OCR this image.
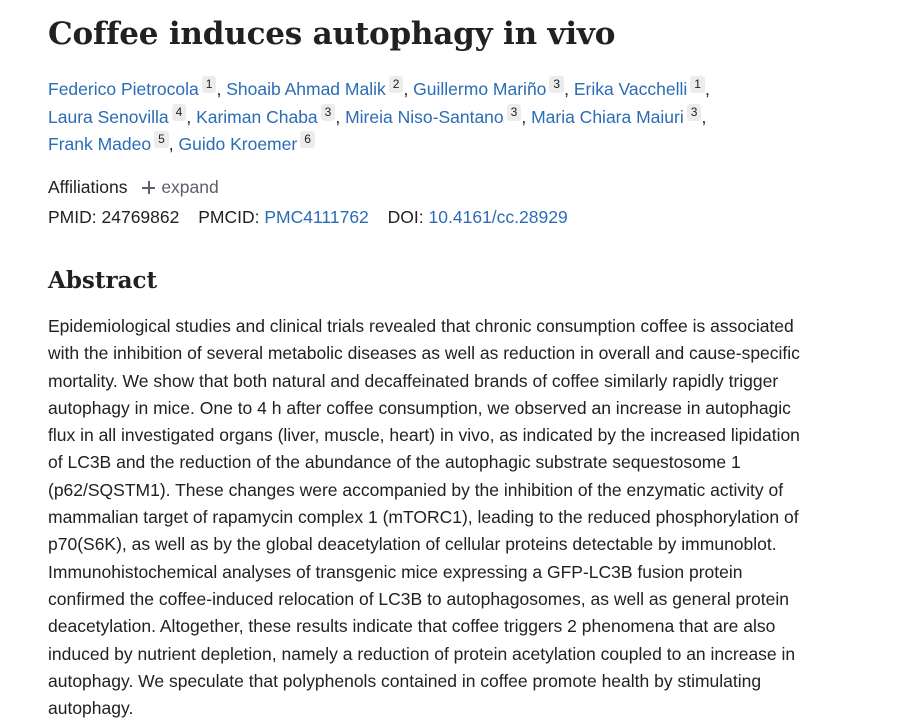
Coffee induces autophagy in vivo
Federico Pietrocola 1 , Shoaib Ahmad Malik 2 , Guillermo Mariño 3 , Erika Vacchelli 1 ,
Laura Senovilla 4 , Kariman Chaba 3 , Mireia Niso-Santano 3 , Maria Chiara Maiuri 3 ,
Frank Madeo 5 , Guido Kroemer 6
Affiliations expand
PMID: 24769862 PMCID: PMC4111762 DOI: 10.4161/cc.28929
Abstract
Epidemiological studies and clinical trials revealed that chronic consumption coffee is associated
with the inhibition of several metabolic diseases as well as reduction in overall and cause-specific
mortality. We show that both natural and decaffeinated brands of coffee similarly rapidly trigger
autophagy in mice. One to 4 h after coffee consumption, we observed an increase in autophagic
flux in all investigated organs (liver, muscle, heart) in vivo, as indicated by the increased lipidation
of LC3B and the reduction of the abundance of the autophagic substrate sequestosome 1
(p62/SQSTM1). These changes were accompanied by the inhibition of the enzymatic activity of
mammalian target of rapamycin complex 1 (mTORC1), leading to the reduced phosphorylation of
p70(S6K), as well as by the global deacetylation of cellular proteins detectable by immunoblot.
Immunohistochemical analyses of transgenic mice expressing a GFP-LC3B fusion protein
confirmed the coffee-induced relocation of LC3B to autophagosomes, as well as general protein
deacetylation. Altogether, these results indicate that coffee triggers 2 phenomena that are also
induced by nutrient depletion, namely a reduction of protein acetylation coupled to an increase in
autophagy. We speculate that polyphenols contained in coffee promote health by stimulating
autophagy.
